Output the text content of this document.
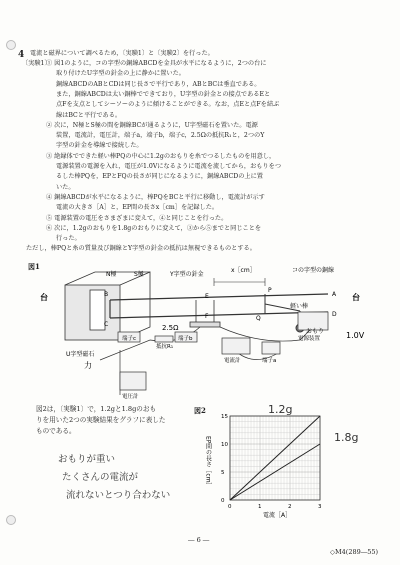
4 電流と磁界について調べるため，〔実験1〕と〔実験2〕を行った。
〔実験1〕
① 図1のように，コの字型の銅線ABCDを金具が水平になるように，2つの台に
取り付けたU字型の針金の上に静かに置いた。
銅線ABCDのABとCDは同じ長さで平行であり，ABとBCは垂直である。
また，銅線ABCDは太い銅棒でできており，U字型の針金との接点であるEと
点Fを支点としてシーソーのように傾けることができる。なお，点Eと点Fを結ぶ
線はBCと平行である。
② 次に，N極とS極の間を銅線BCが通るように，U字型磁石を置いた。電源
装置，電流計，電圧計，端子a，端子b，端子c，2.5Ωの抵抗R₁と，2つのY
字型の針金を導線で接続した。
③ 絶縁体でできた軽い棒PQの中心に1.2gのおもりを糸でつるしたものを用意し，
電源装置の電源を入れ，電圧が1.0Vになるように電流を流してから，おもりをつ
るした棒PQを，EPとFQの長さが同じになるように，銅線ABCDの上に置
いた。
④ 銅線ABCDが水平になるように，棒PQをBCと平行に移動し，電流計が示す
電流の大きさ［A］と，EP間の長さx［cm］を記録した。
⑤ 電源装置の電圧をさまざまに変えて，④と同じことを行った。
⑥ 次に，1.2gのおもりを1.8gのおもりに変えて，③から⑤までと同じことを
行った。
ただし，棒PQと糸の質量及び銅線とY字型の針金の抵抗は無視できるものとする。
図1
N極	S極	Y字型の針金
x［cm］	コの字型の銅線
台	台
軽い棒
おもり
U字型磁石
端子c
抵抗R₁
端子b
電流計	端子a
電源装置
電圧計
B
C
A
D
E
F
P
Q
2.5Ω
1.0V
力
図2は，〔実験1〕で，1.2gと1.8gのおも
りを用いた2つの実験結果をグラフに表した
ものである。
おもりが重い
たくさんの電流が
流れないとつり合わない
図2
0	1	2	3
0
5
10
15
電流［A］
EP間の長さ［cm］
1.2g
1.8g
― 6 ―
◇M4(289―55)
